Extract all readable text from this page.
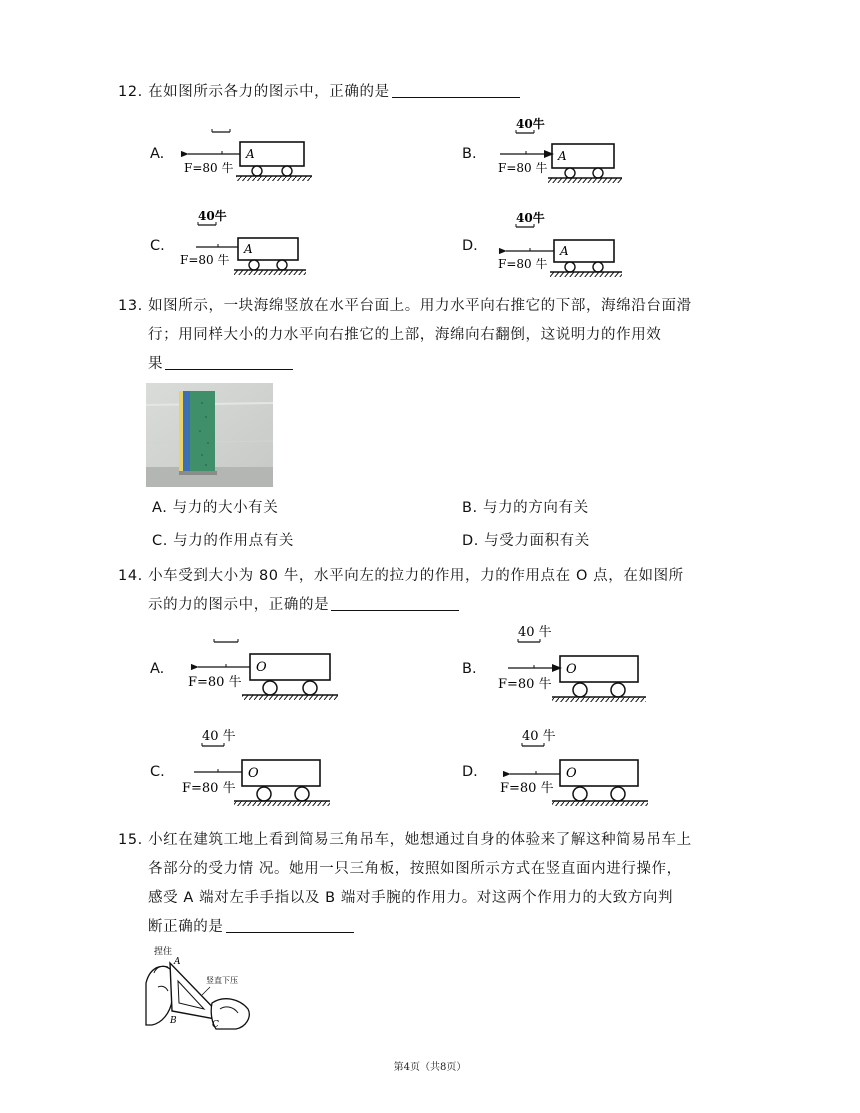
12. 在如图所示各力的图示中，正确的是
A.	A
F=80 牛
B.
40牛
A
F=80 牛
C.
40牛
A
F=80 牛
D.
40牛
A
F=80 牛
13. 如图所示，一块海绵竖放在水平台面上。用力水平向右推它的下部，海绵沿台面滑
行；用同样大小的力水平向右推它的上部，海绵向右翻倒，这说明力的作用效
果
A. 与力的大小有关	B. 与力的方向有关
C. 与力的作用点有关	D. 与受力面积有关
14. 小车受到大小为 80 牛，水平向左的拉力的作用，力的作用点在 O 点，在如图所
示的力的图示中，正确的是
A.	O
F=80 牛
B.
40 牛
O
F=80 牛
C.
40 牛
O
F=80 牛
D.
40 牛
O
F=80 牛
15. 小红在建筑工地上看到简易三角吊车，她想通过自身的体验来了解这种简易吊车上
各部分的受力情 况。她用一只三角板，按照如图所示方式在竖直面内进行操作，
感受 A 端对左手手指以及 B 端对手腕的作用力。对这两个作用力的大致方向判
断正确的是
捏住
A
B	C
竖直下压
第4页（共8页）
